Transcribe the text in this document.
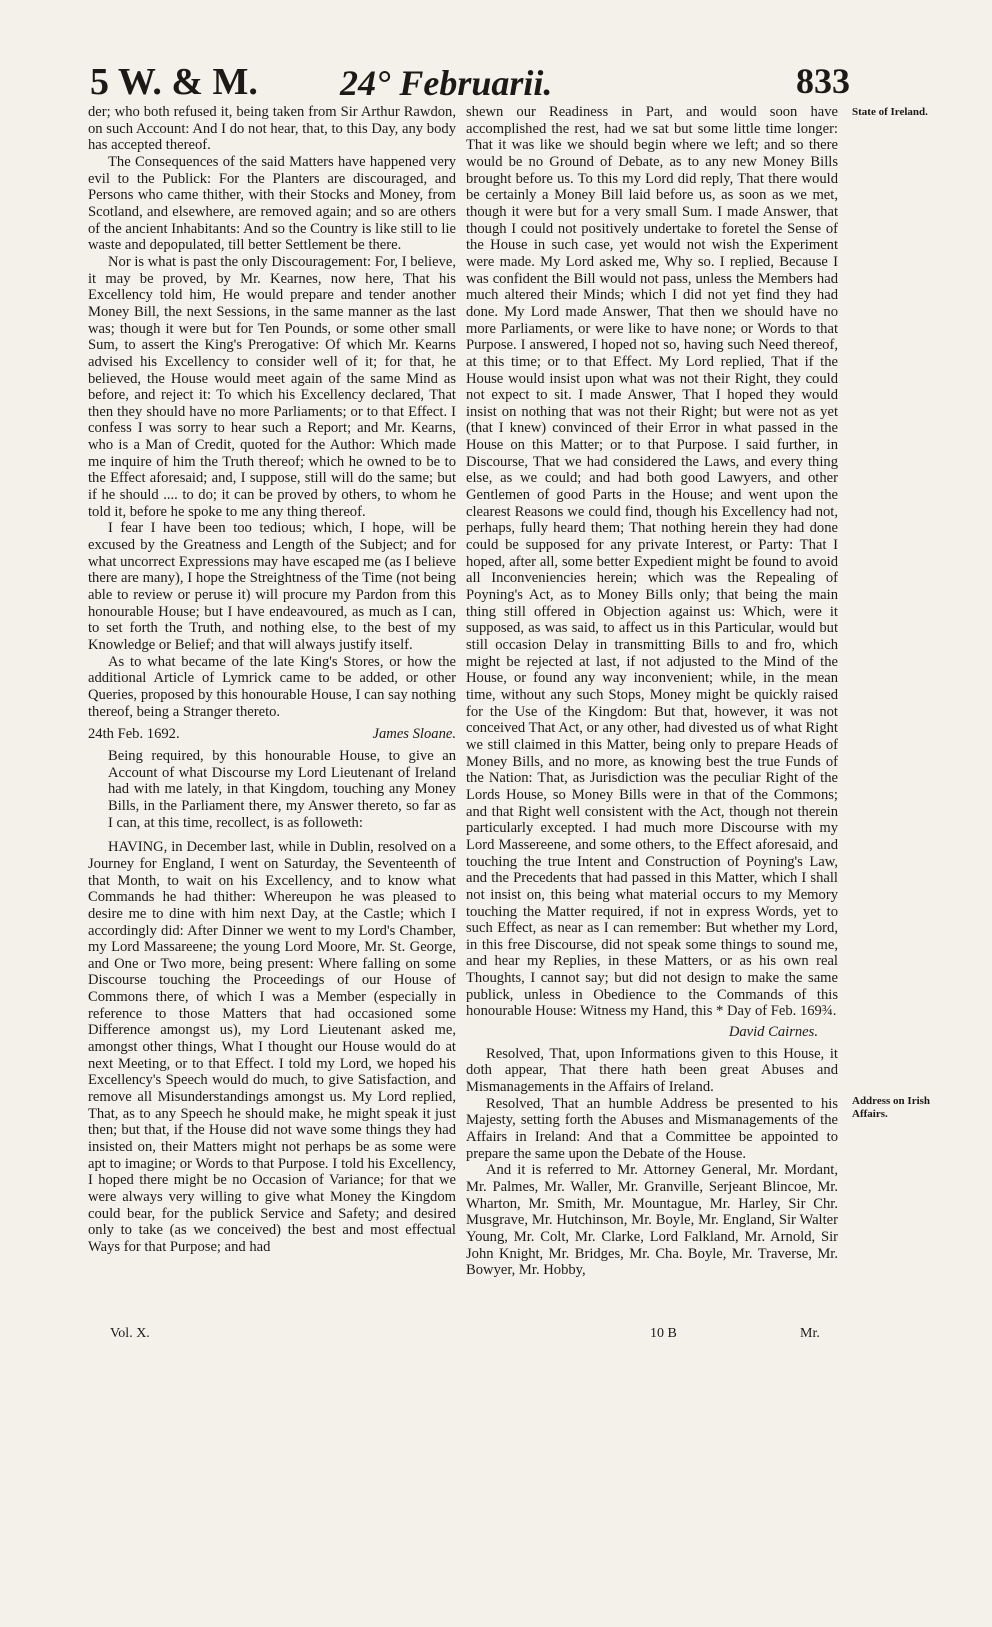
5 W. & M. 24° Februarii.	833

der; who both refused it, being taken from Sir Arthur Rawdon, on such Account: And I do not hear, that, to this Day, any body has accepted thereof.

The Consequences of the said Matters have happened very evil to the Publick: For the Planters are discouraged, and Persons who came thither, with their Stocks and Money, from Scotland, and elsewhere, are removed again; and so are others of the ancient Inhabitants: And so the Country is like still to lie waste and depopulated, till better Settlement be there.

Nor is what is past the only Discouragement: For, I believe, it may be proved, by Mr. Kearnes, now here, That his Excellency told him, He would prepare and tender another Money Bill, the next Sessions, in the same manner as the last was; though it were but for Ten Pounds, or some other small Sum, to assert the King's Prerogative: Of which Mr. Kearns advised his Excellency to consider well of it; for that, he believed, the House would meet again of the same Mind as before, and reject it: To which his Excellency declared, That then they should have no more Parliaments; or to that Effect. I confess I was sorry to hear such a Report; and Mr. Kearns, who is a Man of Credit, quoted for the Author: Which made me inquire of him the Truth thereof; which he owned to be to the Effect aforesaid; and, I suppose, still will do the same; but if he should .... to do; it can be proved by others, to whom he told it, before he spoke to me any thing thereof.

I fear I have been too tedious; which, I hope, will be excused by the Greatness and Length of the Subject; and for what uncorrect Expressions may have escaped me (as I believe there are many), I hope the Streightness of the Time (not being able to review or peruse it) will procure my Pardon from this honourable House; but I have endeavoured, as much as I can, to set forth the Truth, and nothing else, to the best of my Knowledge or Belief; and that will always justify itself.

As to what became of the late King's Stores, or how the additional Article of Lymrick came to be added, or other Queries, proposed by this honourable House, I can say nothing thereof, being a Stranger thereto.

24th Feb. 1692.	James Sloane.

Being required, by this honourable House, to give an Account of what Discourse my Lord Lieutenant of Ireland had with me lately, in that Kingdom, touching any Money Bills, in the Parliament there, my Answer thereto, so far as I can, at this time, recollect, is as followeth:

HAVING, in December last, while in Dublin, resolved on a Journey for England, I went on Saturday, the Seventeenth of that Month, to wait on his Excellency, and to know what Commands he had thither: Whereupon he was pleased to desire me to dine with him next Day, at the Castle; which I accordingly did: After Dinner we went to my Lord's Chamber, my Lord Massareene; the young Lord Moore, Mr. St. George, and One or Two more, being present: Where falling on some Discourse touching the Proceedings of our House of Commons there, of which I was a Member (especially in reference to those Matters that had occasioned some Difference amongst us), my Lord Lieutenant asked me, amongst other things, What I thought our House would do at next Meeting, or to that Effect. I told my Lord, we hoped his Excellency's Speech would do much, to give Satisfaction, and remove all Misunderstandings amongst us. My Lord replied, That, as to any Speech he should make, he might speak it just then; but that, if the House did not wave some things they had insisted on, their Matters might not perhaps be as some were apt to imagine; or Words to that Purpose. I told his Excellency, I hoped there might be no Occasion of Variance; for that we were always very willing to give what Money the Kingdom could bear, for the publick Service and Safety; and desired only to take (as we conceived) the best and most effectual Ways for that Purpose; and had

shewn our Readiness in Part, and would soon have accomplished the rest, had we sat but some little time longer: That it was like we should begin where we left; and so there would be no Ground of Debate, as to any new Money Bills brought before us. To this my Lord did reply, That there would be certainly a Money Bill laid before us, as soon as we met, though it were but for a very small Sum. I made Answer, that though I could not positively undertake to foretel the Sense of the House in such case, yet would not wish the Experiment were made. My Lord asked me, Why so. I replied, Because I was confident the Bill would not pass, unless the Members had much altered their Minds; which I did not yet find they had done. My Lord made Answer, That then we should have no more Parliaments, or were like to have none; or Words to that Purpose. I answered, I hoped not so, having such Need thereof, at this time; or to that Effect. My Lord replied, That if the House would insist upon what was not their Right, they could not expect to sit. I made Answer, That I hoped they would insist on nothing that was not their Right; but were not as yet (that I knew) convinced of their Error in what passed in the House on this Matter; or to that Purpose. I said further, in Discourse, That we had considered the Laws, and every thing else, as we could; and had both good Lawyers, and other Gentlemen of good Parts in the House; and went upon the clearest Reasons we could find, though his Excellency had not, perhaps, fully heard them; That nothing herein they had done could be supposed for any private Interest, or Party: That I hoped, after all, some better Expedient might be found to avoid all Inconveniencies herein; which was the Repealing of Poyning's Act, as to Money Bills only; that being the main thing still offered in Objection against us: Which, were it supposed, as was said, to affect us in this Particular, would but still occasion Delay in transmitting Bills to and fro, which might be rejected at last, if not adjusted to the Mind of the House, or found any way inconvenient; while, in the mean time, without any such Stops, Money might be quickly raised for the Use of the Kingdom: But that, however, it was not conceived That Act, or any other, had divested us of what Right we still claimed in this Matter, being only to prepare Heads of Money Bills, and no more, as knowing best the true Funds of the Nation: That, as Jurisdiction was the peculiar Right of the Lords House, so Money Bills were in that of the Commons; and that Right well consistent with the Act, though not therein particularly excepted. I had much more Discourse with my Lord Massereene, and some others, to the Effect aforesaid, and touching the true Intent and Construction of Poyning's Law, and the Precedents that had passed in this Matter, which I shall not insist on, this being what material occurs to my Memory touching the Matter required, if not in express Words, yet to such Effect, as near as I can remember: But whether my Lord, in this free Discourse, did not speak some things to sound me, and hear my Replies, in these Matters, or as his own real Thoughts, I cannot say; but did not design to make the same publick, unless in Obedience to the Commands of this honourable House: Witness my Hand, this * Day of Feb. 169¾.

David Cairnes.

Resolved, That, upon Informations given to this House, it doth appear, That there hath been great Abuses and Mismanagements in the Affairs of Ireland.

Resolved, That an humble Address be presented to his Majesty, setting forth the Abuses and Mismanagements of the Affairs in Ireland: And that a Committee be appointed to prepare the same upon the Debate of the House.

And it is referred to Mr. Attorney General, Mr. Mordant, Mr. Palmes, Mr. Waller, Mr. Granville, Serjeant Blincoe, Mr. Wharton, Mr. Smith, Mr. Mountague, Mr. Harley, Sir Chr. Musgrave, Mr. Hutchinson, Mr. Boyle, Mr. England, Sir Walter Young, Mr. Colt, Mr. Clarke, Lord Falkland, Mr. Arnold, Sir John Knight, Mr. Bridges, Mr. Cha. Boyle, Mr. Traverse, Mr. Bowyer, Mr. Hobby,

State of Ireland.
Address on Irish Affairs.
Vol. X.	10 B	Mr.
